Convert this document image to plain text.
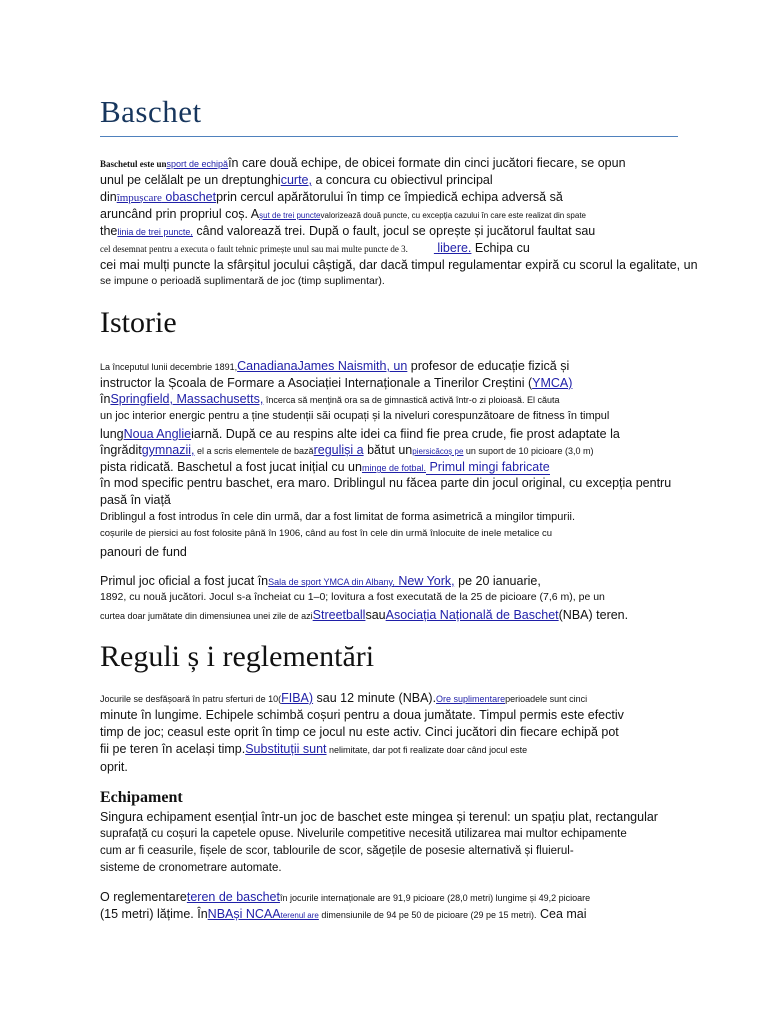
Baschet
Baschetul este unsport de echipăîn care două echipe, de obicei formate din cinci jucători fiecare, se opun
unul pe celălalt pe un dreptunghicurte, a concura cu obiectivul principal
dinîmpușcare obaschetprin cercul apărătorului în timp ce împiedică echipa adversă să
aruncând prin propriul coș. Așut de trei punctevalorizează două puncte, cu excepția cazului în care este realizat din spate
thelinia de trei puncte, când valorează trei. După o fault, jocul se oprește și jucătorul faultat sau
cel desemnat pentru a executa o fault tehnic primește unul sau mai multe puncte de 3. libere. Echipa cu
cei mai mulți puncte la sfârșitul jocului câștigă, dar dacă timpul regulamentar expiră cu scorul la egalitate, un
se impune o perioadă suplimentară de joc (timp suplimentar).
Istorie
La începutul lunii decembrie 1891,CanadianaJames Naismith, un profesor de educație fizică și
instructor la Școala de Formare a Asociației Internaționale a Tinerilor Creștini (YMCA)
înSpringfield, Massachusetts, încerca să menţină ora sa de gimnastică activă într-o zi ploioasă. El căuta
un joc interior energic pentru a ține studenții săi ocupați și la niveluri corespunzătoare de fitness în timpul
lungNoua Anglieiarnă. După ce au respins alte idei ca fiind fie prea crude, fie prost adaptate la
îngrăditgymnazii, el a scris elementele de bazăreguliși a bătut unpiersicăcoș pe un suport de 10 picioare (3,0 m)
pista ridicată. Baschetul a fost jucat inițial cu unminge de fotbal. Primul mingi fabricate
în mod specific pentru baschet, era maro. Driblingul nu făcea parte din jocul original, cu excepția pentru
pasă în viață
Driblingul a fost introdus în cele din urmă, dar a fost limitat de forma asimetrică a mingilor timpurii.
coșurile de piersici au fost folosite până în 1906, când au fost în cele din urmă înlocuite de inele metalice cu
panouri de fund
Primul joc oficial a fost jucat înSala de sport YMCA din Albany, New York, pe 20 ianuarie,
1892, cu nouă jucători. Jocul s-a încheiat cu 1–0; lovitura a fost executată de la 25 de picioare (7,6 m), pe un
curtea doar jumătate din dimensiunea unei zile de aziStreetballsauAsociația Națională de Baschet(NBA) teren.
Reguli ș i reglementări
Jocurile se desfășoară în patru sferturi de 10(FIBA) sau 12 minute (NBA).Ore suplimentareperioadele sunt cinci
minute în lungime. Echipele schimbă coșuri pentru a doua jumătate. Timpul permis este efectiv
timp de joc; ceasul este oprit în timp ce jocul nu este activ. Cinci jucători din fiecare echipă pot
fii pe teren în același timp.Substituții sunt nelimitate, dar pot fi realizate doar când jocul este
oprit.
Echipament
Singura echipament esențial într-un joc de baschet este mingea și terenul: un spațiu plat, rectangular
suprafață cu coșuri la capetele opuse. Nivelurile competitive necesită utilizarea mai multor echipamente
cum ar fi ceasurile, fișele de scor, tablourile de scor, săgețile de posesie alternativă și fluierul-
sisteme de cronometrare automate.
O reglementareteren de baschetîn jocurile internaționale are 91,9 picioare (28,0 metri) lungime și 49,2 picioare
(15 metri) lățime. ÎnNBAși NCAAterenul are dimensiunile de 94 pe 50 de picioare (29 pe 15 metri). Cea mai
